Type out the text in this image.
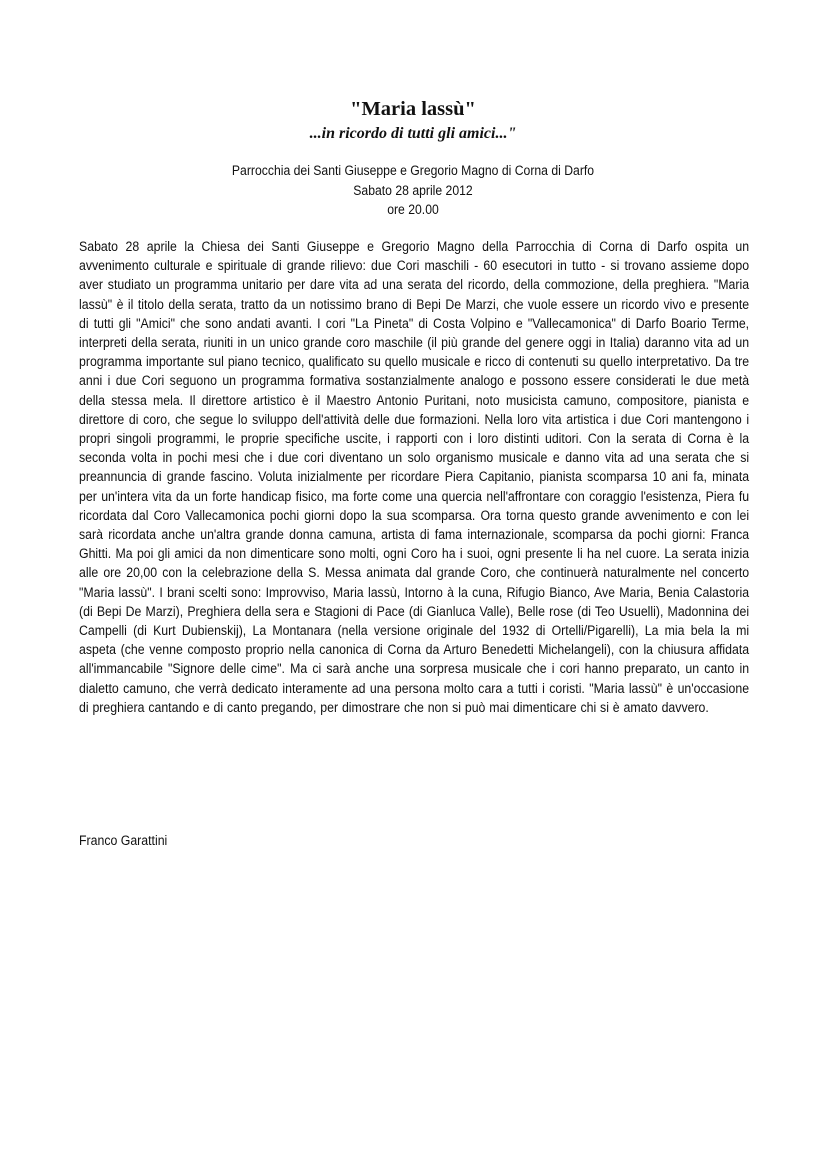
"Maria lassù"
...in ricordo di tutti gli amici..."
Parrocchia dei Santi Giuseppe e Gregorio Magno di Corna di Darfo
Sabato 28 aprile 2012
ore 20.00

Sabato 28 aprile la Chiesa dei Santi Giuseppe e Gregorio Magno della Parrocchia di Corna di Darfo ospita un avvenimento culturale e spirituale di grande rilievo: due Cori maschili - 60 esecutori in tutto - si trovano assieme dopo aver studiato un programma unitario per dare vita ad una serata del ricordo, della commozione, della preghiera. "Maria lassù" è il titolo della serata, tratto da un notissimo brano di Bepi De Marzi, che vuole essere un ricordo vivo e presente di tutti gli "Amici" che sono andati avanti. I cori "La Pineta" di Costa Volpino e "Vallecamonica" di Darfo Boario Terme, interpreti della serata, riuniti in un unico grande coro maschile (il più grande del genere oggi in Italia) daranno vita ad un programma importante sul piano tecnico, qualificato su quello musicale e ricco di contenuti su quello interpretativo. Da tre anni i due Cori seguono un programma formativa sostanzialmente analogo e possono essere considerati le due metà della stessa mela. Il direttore artistico è il Maestro Antonio Puritani, noto musicista camuno, compositore, pianista e direttore di coro, che segue lo sviluppo dell'attività delle due formazioni. Nella loro vita artistica i due Cori mantengono i propri singoli programmi, le proprie specifiche uscite, i rapporti con i loro distinti uditori. Con la serata di Corna è la seconda volta in pochi mesi che i due cori diventano un solo organismo musicale e danno vita ad una serata che si preannuncia di grande fascino. Voluta inizialmente per ricordare Piera Capitanio, pianista scomparsa 10 ani fa, minata per un'intera vita da un forte handicap fisico, ma forte come una quercia nell'affrontare con coraggio l'esistenza, Piera fu ricordata dal Coro Vallecamonica pochi giorni dopo la sua scomparsa. Ora torna questo grande avvenimento e con lei sarà ricordata anche un'altra grande donna camuna, artista di fama internazionale, scomparsa da pochi giorni: Franca Ghitti. Ma poi gli amici da non dimenticare sono molti, ogni Coro ha i suoi, ogni presente li ha nel cuore. La serata inizia alle ore 20,00 con la celebrazione della S. Messa animata dal grande Coro, che continuerà naturalmente nel concerto "Maria lassù". I brani scelti sono: Improvviso, Maria lassù, Intorno à la cuna, Rifugio Bianco, Ave Maria, Benia Calastoria (di Bepi De Marzi), Preghiera della sera e Stagioni di Pace (di Gianluca Valle), Belle rose (di Teo Usuelli), Madonnina dei Campelli (di Kurt Dubienskij), La Montanara (nella versione originale del 1932 di Ortelli/Pigarelli), La mia bela la mi aspeta (che venne composto proprio nella canonica di Corna da Arturo Benedetti Michelangeli), con la chiusura affidata all'immancabile "Signore delle cime". Ma ci sarà anche una sorpresa musicale che i cori hanno preparato, un canto in dialetto camuno, che verrà dedicato interamente ad una persona molto cara a tutti i coristi. "Maria lassù" è un'occasione di preghiera cantando e di canto pregando, per dimostrare che non si può mai dimenticare chi si è amato davvero.

Franco Garattini
